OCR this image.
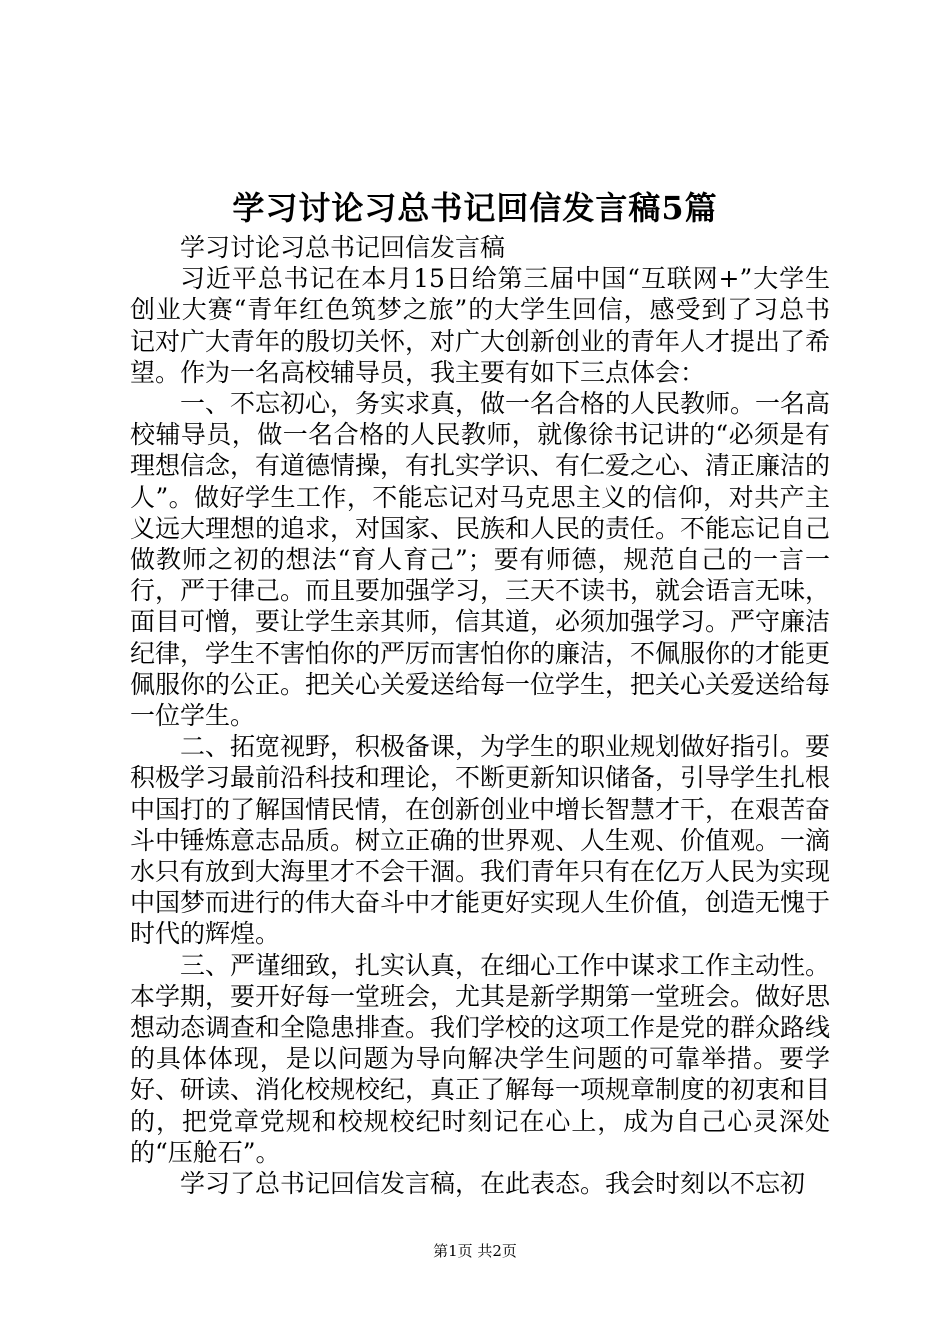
学习讨论习总书记回信发言稿5篇

学习讨论习总书记回信发言稿

习近平总书记在本月15日给第三届中国“互联网+”大学生创业大赛“青年红色筑梦之旅”的大学生回信，感受到了习总书记对广大青年的殷切关怀，对广大创新创业的青年人才提出了希望。作为一名高校辅导员，我主要有如下三点体会：

一、不忘初心，务实求真，做一名合格的人民教师。一名高校辅导员，做一名合格的人民教师，就像徐书记讲的“必须是有理想信念，有道德情操，有扎实学识、有仁爱之心、清正廉洁的人”。做好学生工作，不能忘记对马克思主义的信仰，对共产主义远大理想的追求，对国家、民族和人民的责任。不能忘记自己做教师之初的想法“育人育己”；要有师德，规范自己的一言一行，严于律己。而且要加强学习，三天不读书，就会语言无味，面目可憎，要让学生亲其师，信其道，必须加强学习。严守廉洁纪律，学生不害怕你的严厉而害怕你的廉洁，不佩服你的才能更佩服你的公正。把关心关爱送给每一位学生，把关心关爱送给每一位学生。

二、拓宽视野，积极备课，为学生的职业规划做好指引。要积极学习最前沿科技和理论，不断更新知识储备，引导学生扎根中国打的了解国情民情，在创新创业中增长智慧才干，在艰苦奋斗中锤炼意志品质。树立正确的世界观、人生观、价值观。一滴水只有放到大海里才不会干涸。我们青年只有在亿万人民为实现中国梦而进行的伟大奋斗中才能更好实现人生价值，创造无愧于时代的辉煌。

三、严谨细致，扎实认真，在细心工作中谋求工作主动性。本学期，要开好每一堂班会，尤其是新学期第一堂班会。做好思想动态调查和全隐患排查。我们学校的这项工作是党的群众路线的具体体现，是以问题为导向解决学生问题的可靠举措。要学好、研读、消化校规校纪，真正了解每一项规章制度的初衷和目的，把党章党规和校规校纪时刻记在心上，成为自己心灵深处的“压舱石”。

学习了总书记回信发言稿，在此表态。我会时刻以不忘初

第1页 共2页
